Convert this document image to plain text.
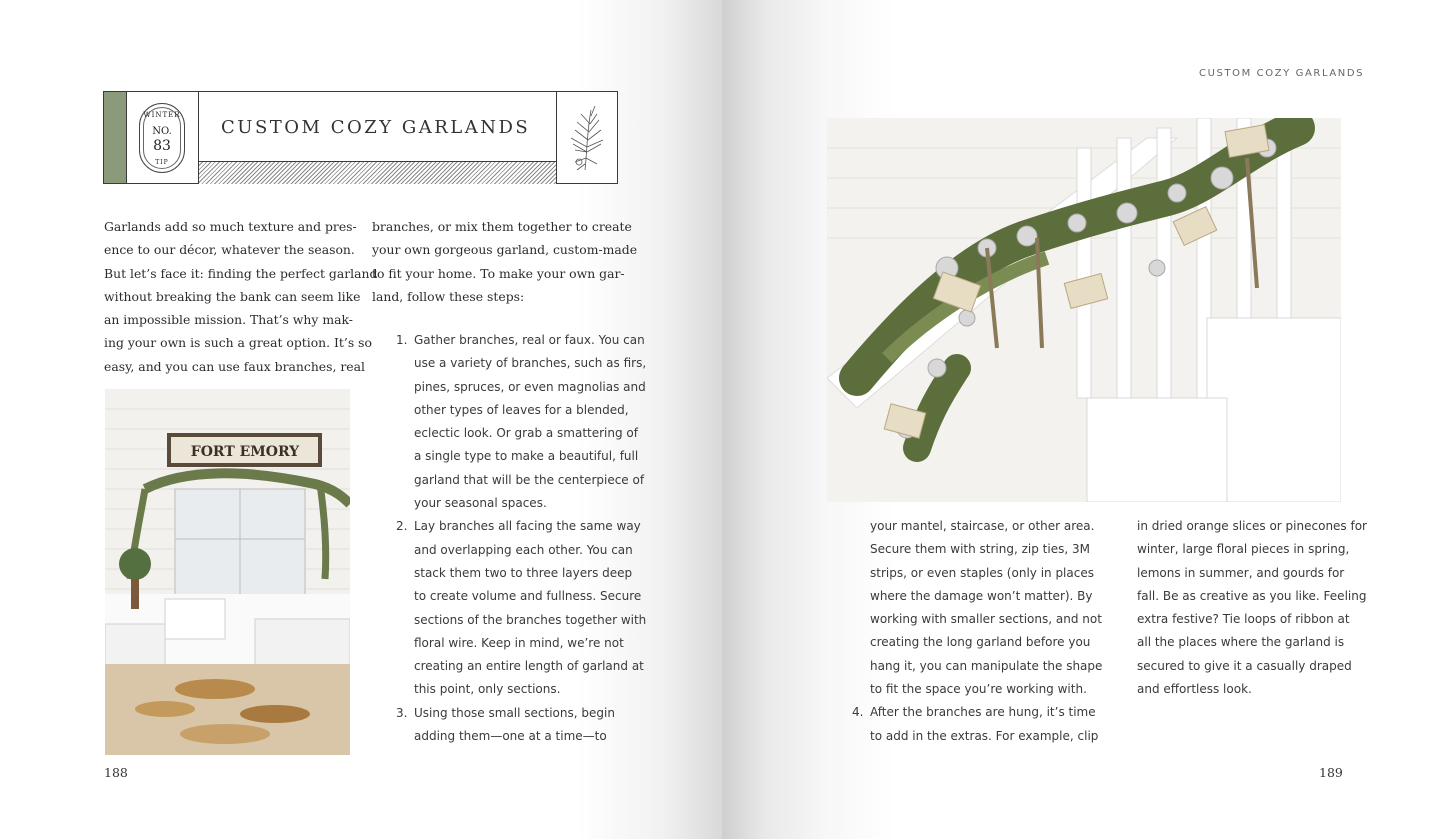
WINTER
NO.
83
TIP
CUSTOM COZY GARLANDS
Garlands add so much texture and pres-
ence to our décor, whatever the season.
But let’s face it: finding the perfect garland
without breaking the bank can seem like
an impossible mission. That’s why mak-
ing your own is such a great option. It’s so
easy, and you can use faux branches, real
FORT EMORY
branches, or mix them together to create
your own gorgeous garland, custom-made
to fit your home. To make your own gar-
land, follow these steps:
1. Gather branches, real or faux. You can
use a variety of branches, such as firs,
pines, spruces, or even magnolias and
other types of leaves for a blended,
eclectic look. Or grab a smattering of
a single type to make a beautiful, full
garland that will be the centerpiece of
your seasonal spaces.
2. Lay branches all facing the same way
and overlapping each other. You can
stack them two to three layers deep
to create volume and fullness. Secure
sections of the branches together with
floral wire. Keep in mind, we’re not
creating an entire length of garland at
this point, only sections.
3. Using those small sections, begin
adding them—one at a time—to
188
CUSTOM COZY GARLANDS
your mantel, staircase, or other area.
Secure them with string, zip ties, 3M
strips, or even staples (only in places
where the damage won’t matter). By
working with smaller sections, and not
creating the long garland before you
hang it, you can manipulate the shape
to fit the space you’re working with.
4. After the branches are hung, it’s time
to add in the extras. For example, clip
in dried orange slices or pinecones for
winter, large floral pieces in spring,
lemons in summer, and gourds for
fall. Be as creative as you like. Feeling
extra festive? Tie loops of ribbon at
all the places where the garland is
secured to give it a casually draped
and effortless look.
189
